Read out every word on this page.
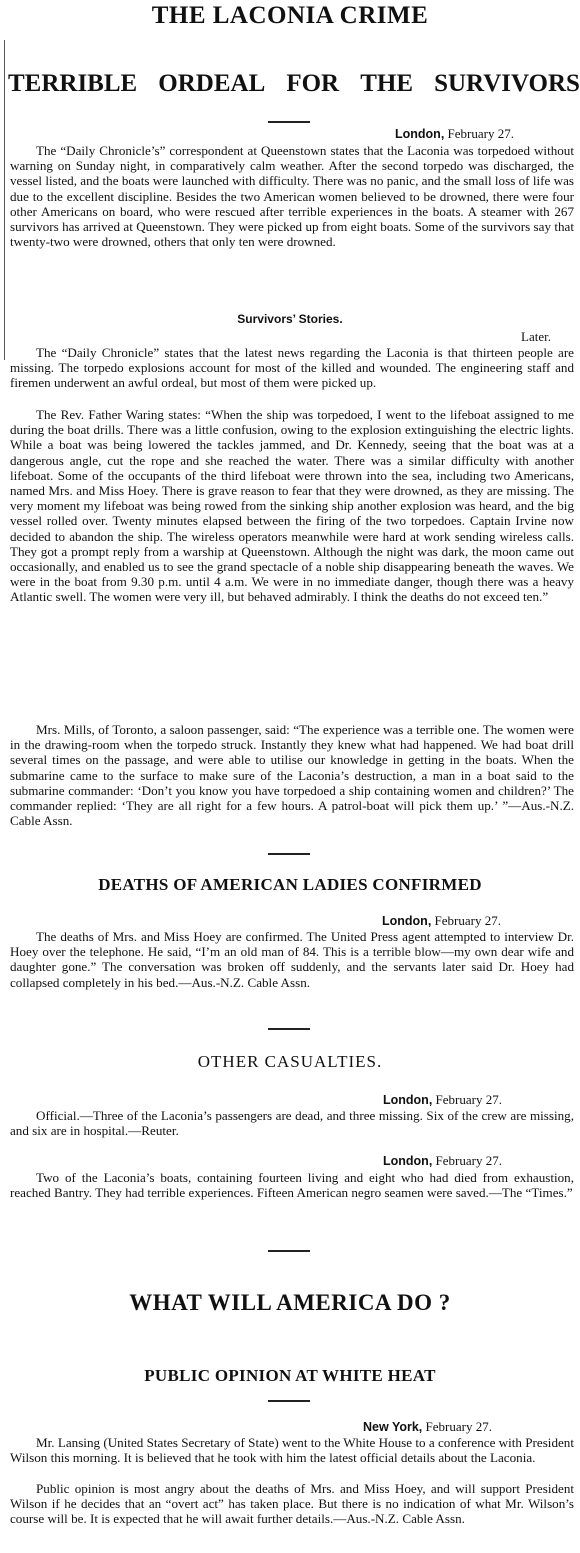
THE LACONIA CRIME
TERRIBLE ORDEAL FOR THE SURVIVORS
London, February 27.

The “Daily Chronicle’s” correspondent at Queenstown states that the Laconia was torpedoed without warning on Sunday night, in comparatively calm weather. After the second torpedo was discharged, the vessel listed, and the boats were launched with difficulty. There was no panic, and the small loss of life was due to the excellent discipline. Besides the two American women believed to be drowned, there were four other Americans on board, who were rescued after terrible experiences in the boats. A steamer with 267 survivors has arrived at Queenstown. They were picked up from eight boats. Some of the survivors say that twenty-two were drowned, others that only ten were drowned.

Survivors’ Stories.
Later.

The “Daily Chronicle” states that the latest news regarding the Laconia is that thirteen people are missing. The torpedo explosions account for most of the killed and wounded. The engineering staff and firemen underwent an awful ordeal, but most of them were picked up.

The Rev. Father Waring states: “When the ship was torpedoed, I went to the lifeboat assigned to me during the boat drills. There was a little confusion, owing to the explosion extinguishing the electric lights. While a boat was being lowered the tackles jammed, and Dr. Kennedy, seeing that the boat was at a dangerous angle, cut the rope and she reached the water. There was a similar difficulty with another lifeboat. Some of the occupants of the third lifeboat were thrown into the sea, including two Americans, named Mrs. and Miss Hoey. There is grave reason to fear that they were drowned, as they are missing. The very moment my lifeboat was being rowed from the sinking ship another explosion was heard, and the big vessel rolled over. Twenty minutes elapsed between the firing of the two torpedoes. Captain Irvine now decided to abandon the ship. The wireless operators meanwhile were hard at work sending wireless calls. They got a prompt reply from a warship at Queenstown. Although the night was dark, the moon came out occasionally, and enabled us to see the grand spectacle of a noble ship disappearing beneath the waves. We were in the boat from 9.30 p.m. until 4 a.m. We were in no immediate danger, though there was a heavy Atlantic swell. The women were very ill, but behaved admirably. I think the deaths do not exceed ten.”

Mrs. Mills, of Toronto, a saloon passenger, said: “The experience was a terrible one. The women were in the drawing-room when the torpedo struck. Instantly they knew what had happened. We had boat drill several times on the passage, and were able to utilise our knowledge in getting in the boats. When the submarine came to the surface to make sure of the Laconia’s destruction, a man in a boat said to the submarine commander: ‘Don’t you know you have torpedoed a ship containing women and children?’ The commander replied: ‘They are all right for a few hours. A patrol-boat will pick them up.’ ”—Aus.-N.Z. Cable Assn.

DEATHS OF AMERICAN LADIES CONFIRMED
London, February 27.

The deaths of Mrs. and Miss Hoey are confirmed. The United Press agent attempted to interview Dr. Hoey over the telephone. He said, “I’m an old man of 84. This is a terrible blow—my own dear wife and daughter gone.” The conversation was broken off suddenly, and the servants later said Dr. Hoey had collapsed completely in his bed.—Aus.-N.Z. Cable Assn.

OTHER CASUALTIES.
London, February 27.

Official.—Three of the Laconia’s passengers are dead, and three missing. Six of the crew are missing, and six are in hospital.—Reuter.

London, February 27.

Two of the Laconia’s boats, containing fourteen living and eight who had died from exhaustion, reached Bantry. They had terrible experiences. Fifteen American negro seamen were saved.—The “Times.”

WHAT WILL AMERICA DO ?
PUBLIC OPINION AT WHITE HEAT
New York, February 27.

Mr. Lansing (United States Secretary of State) went to the White House to a conference with President Wilson this morning. It is believed that he took with him the latest official details about the Laconia.

Public opinion is most angry about the deaths of Mrs. and Miss Hoey, and will support President Wilson if he decides that an “overt act” has taken place. But there is no indication of what Mr. Wilson’s course will be. It is expected that he will await further details.—Aus.-N.Z. Cable Assn.
